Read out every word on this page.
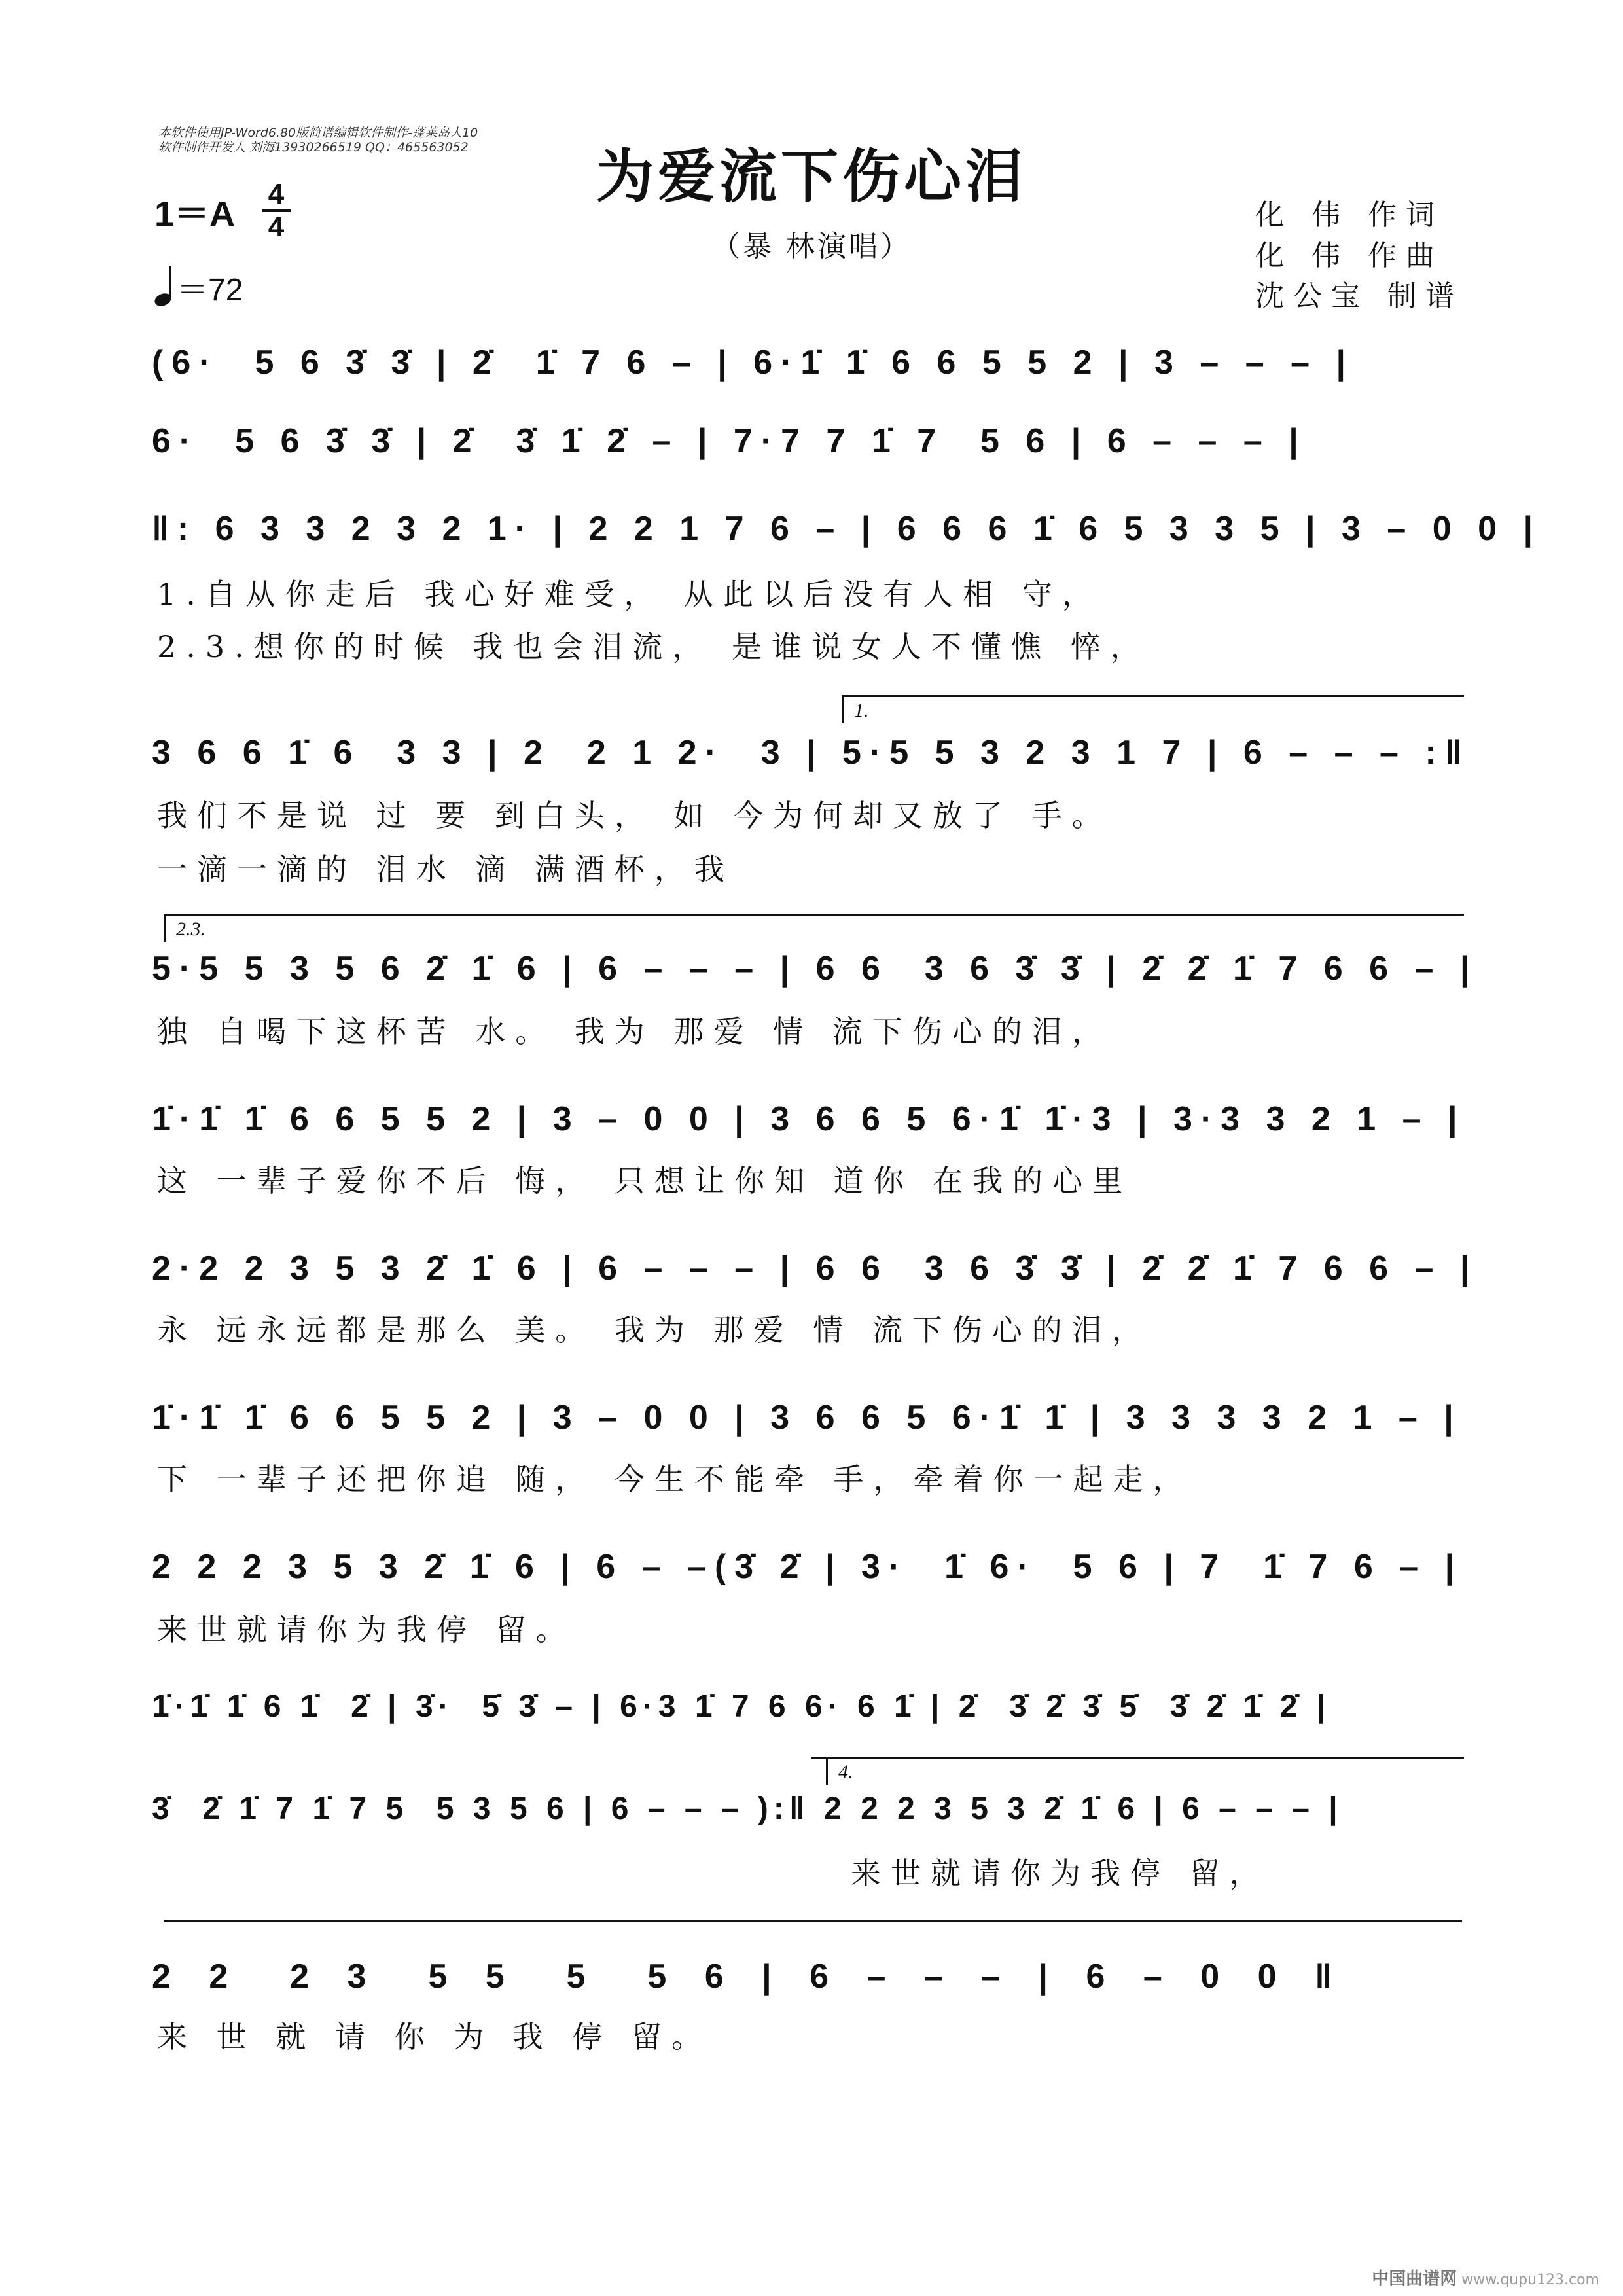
本软件使用JP-Word6.80版简谱编辑软件制作-蓬莱岛人10
软件制作开发人 刘海13930266519 QQ：465563052	为爱流下伤心泪
（暴 林演唱）
1＝A
4
4
＝72
化 伟 作词
化 伟 作曲
沈公宝 制谱
(6·  5 6 3̇ 3̇ | 2̇  1̇ 7 6 – | 6·1̇ 1̇ 6 6 5 5 2 | 3 – – – |
6·  5 6 3̇ 3̇ | 2̇  3̇ 1̇ 2̇ – | 7·7 7 1̇ 7  5 6 | 6 – – – |
‖: 6 3 3 2 3 2 1· | 2 2 1 7 6 – | 6 6 6 1̇ 6 5 3 3 5 | 3 – 0 0 |
1.自从你走后 我心好难受， 从此以后没有人相 守，
2.3.想你的时候 我也会泪流， 是谁说女人不懂憔 悴，
1.
3 6 6 1̇ 6  3 3 | 2  2 1 2·  3 | 5·5 5 3 2 3 1 7 | 6 – – – :‖
我们不是说 过 要 到白头， 如 今为何却又放了 手。
一滴一滴的 泪水 滴 满酒杯，我
2.3.
5·5 5 3 5 6 2̇ 1̇ 6 | 6 – – – | 6 6  3 6 3̇ 3̇ | 2̇ 2̇ 1̇ 7 6 6 – |
独 自喝下这杯苦 水。 我为 那爱 情 流下伤心的泪，
1̇·1̇ 1̇ 6 6 5 5 2 | 3 – 0 0 | 3 6 6 5 6·1̇ 1̇·3 | 3·3 3 2 1 – |
这 一辈子爱你不后 悔， 只想让你知 道你 在我的心里
2·2 2 3 5 3 2̇ 1̇ 6 | 6 – – – | 6 6  3 6 3̇ 3̇ | 2̇ 2̇ 1̇ 7 6 6 – |
永 远永远都是那么 美。 我为 那爱 情 流下伤心的泪，
1̇·1̇ 1̇ 6 6 5 5 2 | 3 – 0 0 | 3 6 6 5 6·1̇ 1̇ | 3 3 3 3 2 1 – |
下 一辈子还把你追 随， 今生不能牵 手，牵着你一起走，
2 2 2 3 5 3 2̇ 1̇ 6 | 6 – –(3̇ 2̇ | 3·  1̇ 6·  5 6 | 7  1̇ 7 6 – |
来世就请你为我停 留。
1̇·1̇ 1̇ 6 1̇  2̇ | 3̇·  5̇ 3̇ – | 6·3 1̇ 7 6 6· 6 1̇ | 2̇  3̇ 2̇ 3̇ 5̇  3̇ 2̇ 1̇ 2̇ |
4.
3̇  2̇ 1̇ 7 1̇ 7 5  5 3 5 6 | 6 – – – ):‖ 2 2 2 3 5 3 2̇ 1̇ 6 | 6 – – – |
来世就请你为我停 留，
2 2  2 3  5 5  5  5 6 | 6 – – – | 6 – 0 0 ‖
来 世 就 请 你 为 我 停 留。
中国曲谱网 www.qupu123.com
